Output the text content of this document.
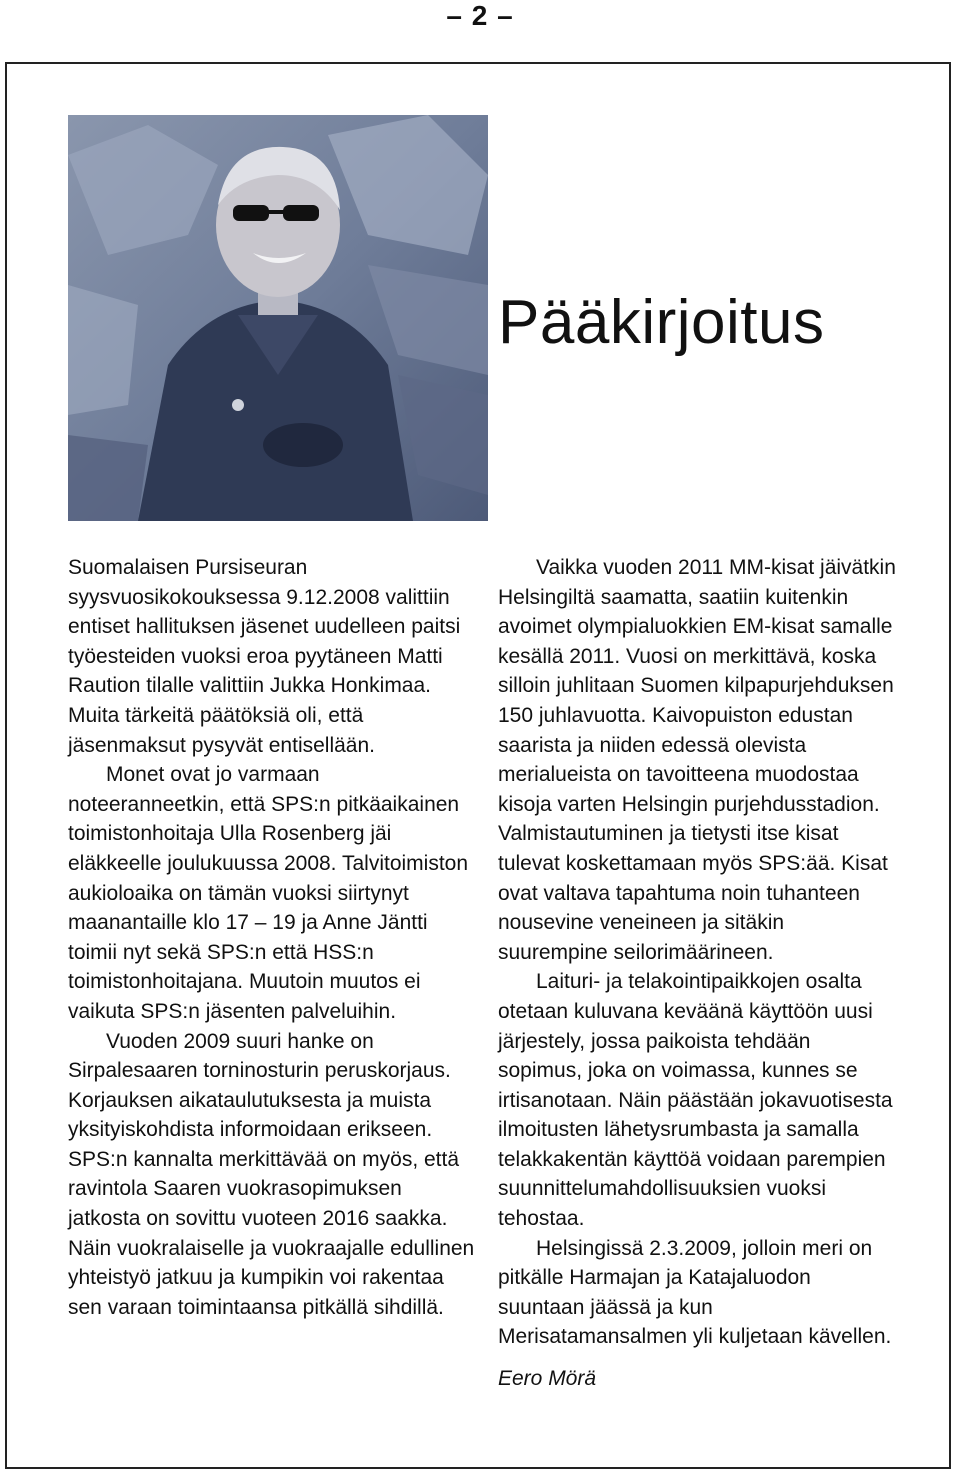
– 2 –
Pääkirjoitus

Suomalaisen Pursiseuran syysvuosikokouksessa 9.12.2008 valittiin entiset hallituksen jäsenet uudelleen paitsi työesteiden vuoksi eroa pyytäneen Matti Raution tilalle valittiin Jukka Honkimaa. Muita tärkeitä päätöksiä oli, että jäsenmaksut pysyvät entisellään.

Monet ovat jo varmaan noteeranneetkin, että SPS:n pitkäaikainen toimistonhoitaja Ulla Rosenberg jäi eläkkeelle joulukuussa 2008. Talvitoimiston aukioloaika on tämän vuoksi siirtynyt maanantaille klo 17 – 19 ja Anne Jäntti toimii nyt sekä SPS:n että HSS:n toimistonhoitajana. Muutoin muutos ei vaikuta SPS:n jäsenten palveluihin.

Vuoden 2009 suuri hanke on Sirpalesaaren torninosturin peruskorjaus. Korjauksen aikataulutuksesta ja muista yksityiskohdista informoidaan erikseen. SPS:n kannalta merkittävää on myös, että ravintola Saaren vuokrasopimuksen jatkosta on sovittu vuoteen 2016 saakka. Näin vuokralaiselle ja vuokraajalle edullinen yhteistyö jatkuu ja kumpikin voi rakentaa sen varaan toimintaansa pitkällä sihdillä.

Vaikka vuoden 2011 MM-kisat jäivätkin Helsingiltä saamatta, saatiin kuitenkin avoimet olympialuokkien EM-kisat samalle kesällä 2011. Vuosi on merkittävä, koska silloin juhlitaan Suomen kilpapurjehduksen 150 juhlavuotta. Kaivopuiston edustan saarista ja niiden edessä olevista merialueista on tavoitteena muodostaa kisoja varten Helsingin purjehdusstadion. Valmistautuminen ja tietysti itse kisat tulevat koskettamaan myös SPS:ää. Kisat ovat valtava tapahtuma noin tuhanteen nousevine veneineen ja sitäkin suurempine seilorimäärineen.

Laituri- ja telakointipaikkojen osalta otetaan kuluvana keväänä käyttöön uusi järjestely, jossa paikoista tehdään sopimus, joka on voimassa, kunnes se irtisanotaan. Näin päästään jokavuotisesta ilmoitusten lähetysrumbasta ja samalla telakkakentän käyttöä voidaan parempien suunnittelumahdollisuuksien vuoksi tehostaa.

Helsingissä 2.3.2009, jolloin meri on pitkälle Harmajan ja Katajaluodon suuntaan jäässä ja kun Merisatamansalmen yli kuljetaan kävellen.

Eero Mörä
